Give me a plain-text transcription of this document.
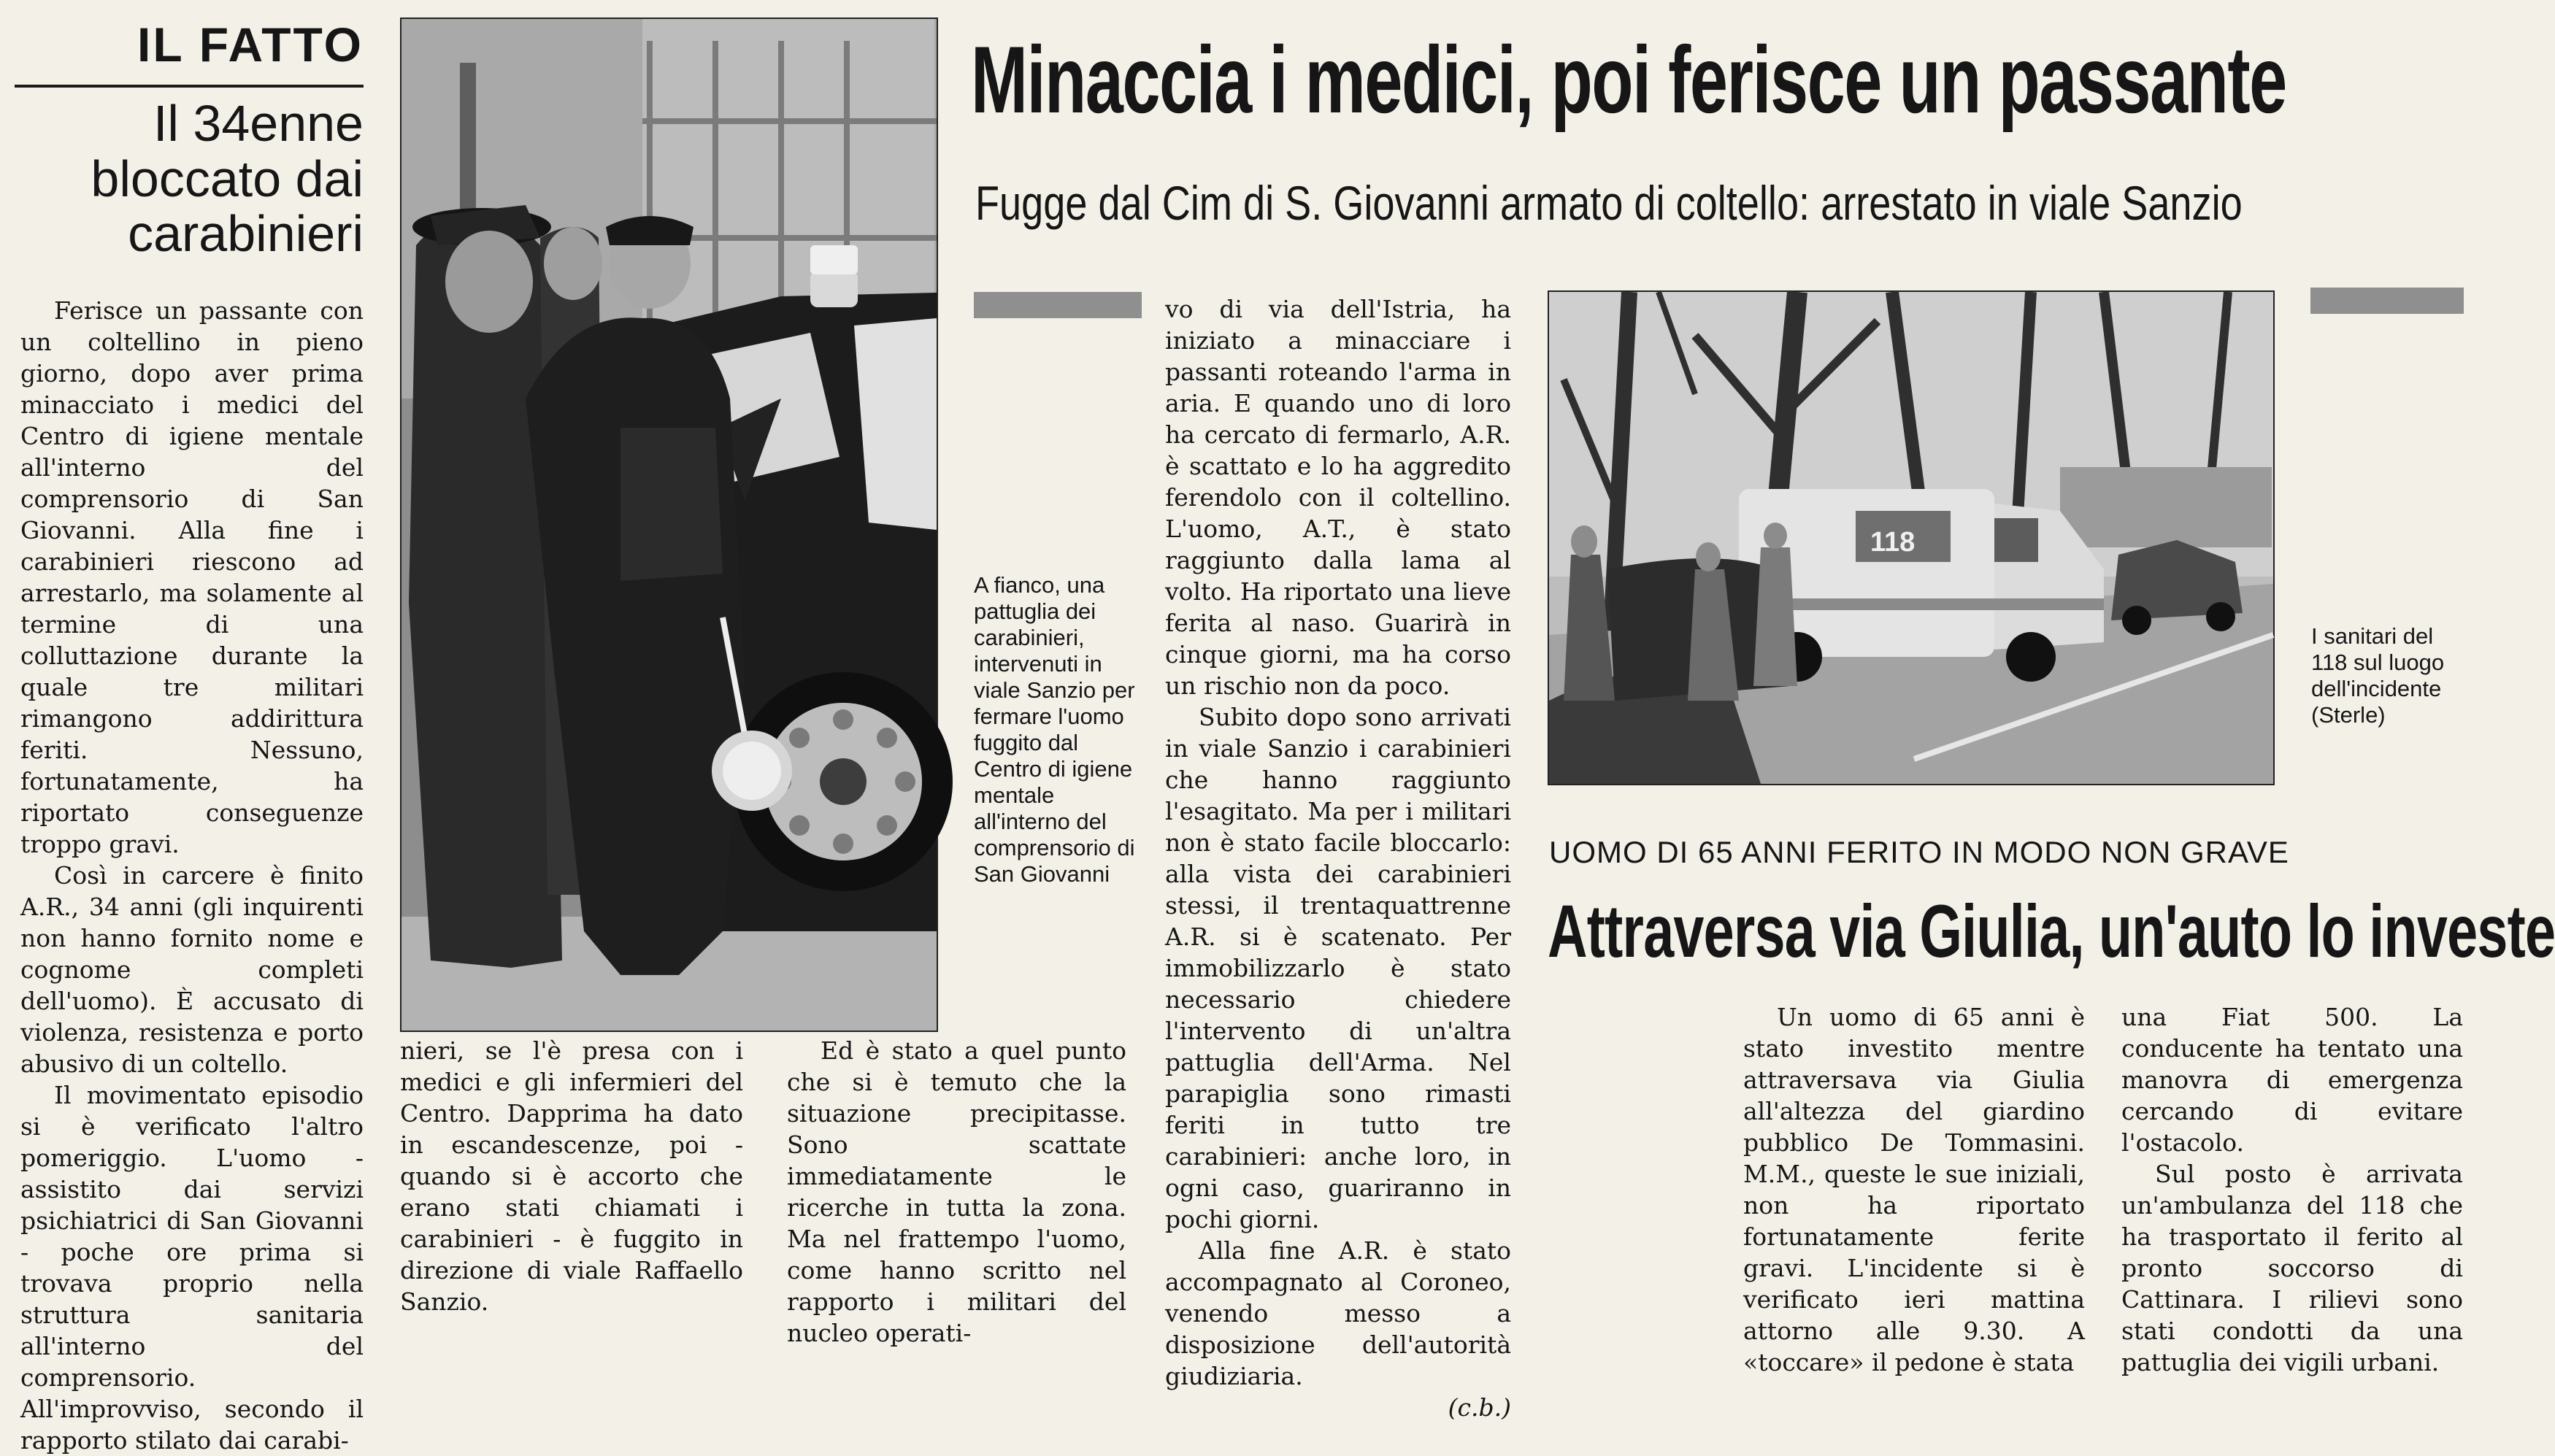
IL FATTO
Il 34enne bloccato dai carabinieri
Minaccia i medici, poi ferisce un passante
Fugge dal Cim di S. Giovanni armato di coltello: arrestato in viale Sanzio

Ferisce un passante con un coltellino in pieno giorno, dopo aver prima minacciato i medici del Centro di igiene mentale all'interno del comprensorio di San Giovanni. Alla fine i carabinieri riescono ad arrestarlo, ma solamente al termine di una colluttazione durante la quale tre militari rimangono addirittura feriti. Nessuno, fortunatamente, ha riportato conseguenze troppo gravi.

Così in carcere è finito A.R., 34 anni (gli inquirenti non hanno fornito nome e cognome completi dell'uomo). È accusato di violenza, resistenza e porto abusivo di un coltello.

Il movimentato episodio si è verificato l'altro pomeriggio. L'uomo - assistito dai servizi psichiatrici di San Giovanni - poche ore prima si trovava proprio nella struttura sanitaria all'interno del comprensorio. All'improvviso, secondo il rapporto stilato dai carabi-

A fianco, una pattuglia dei carabinieri, intervenuti in viale Sanzio per fermare l'uomo fuggito dal Centro di igiene mentale all'interno del comprensorio di San Giovanni

nieri, se l'è presa con i medici e gli infermieri del Centro. Dapprima ha dato in escandescenze, poi - quando si è accorto che erano stati chiamati i carabinieri - è fuggito in direzione di viale Raffaello Sanzio.

Ed è stato a quel punto che si è temuto che la situazione precipitasse. Sono scattate immediatamente le ricerche in tutta la zona. Ma nel frattempo l'uomo, come hanno scritto nel rapporto i militari del nucleo operati-

vo di via dell'Istria, ha iniziato a minacciare i passanti roteando l'arma in aria. E quando uno di loro ha cercato di fermarlo, A.R. è scattato e lo ha aggredito ferendolo con il coltellino. L'uomo, A.T., è stato raggiunto dalla lama al volto. Ha riportato una lieve ferita al naso. Guarirà in cinque giorni, ma ha corso un rischio non da poco.

Subito dopo sono arrivati in viale Sanzio i carabinieri che hanno raggiunto l'esagitato. Ma per i militari non è stato facile bloccarlo: alla vista dei carabinieri stessi, il trentaquattrenne A.R. si è scatenato. Per immobilizzarlo è stato necessario chiedere l'intervento di un'altra pattuglia dell'Arma. Nel parapiglia sono rimasti feriti in tutto tre carabinieri: anche loro, in ogni caso, guariranno in pochi giorni.

Alla fine A.R. è stato accompagnato al Coroneo, venendo messo a disposizione dell'autorità giudiziaria.

(c.b.)

118
I sanitari del 118 sul luogo dell'incidente (Sterle)
UOMO DI 65 ANNI FERITO IN MODO NON GRAVE
Attraversa via Giulia, un'auto lo investe

Un uomo di 65 anni è stato investito mentre attraversava via Giulia all'altezza del giardino pubblico De Tommasini. M.M., queste le sue iniziali, non ha riportato fortunatamente ferite gravi. L'incidente si è verificato ieri mattina attorno alle 9.30. A «toccare» il pedone è stata

una Fiat 500. La conducente ha tentato una manovra di emergenza cercando di evitare l'ostacolo.

Sul posto è arrivata un'ambulanza del 118 che ha trasportato il ferito al pronto soccorso di Cattinara. I rilievi sono stati condotti da una pattuglia dei vigili urbani.
